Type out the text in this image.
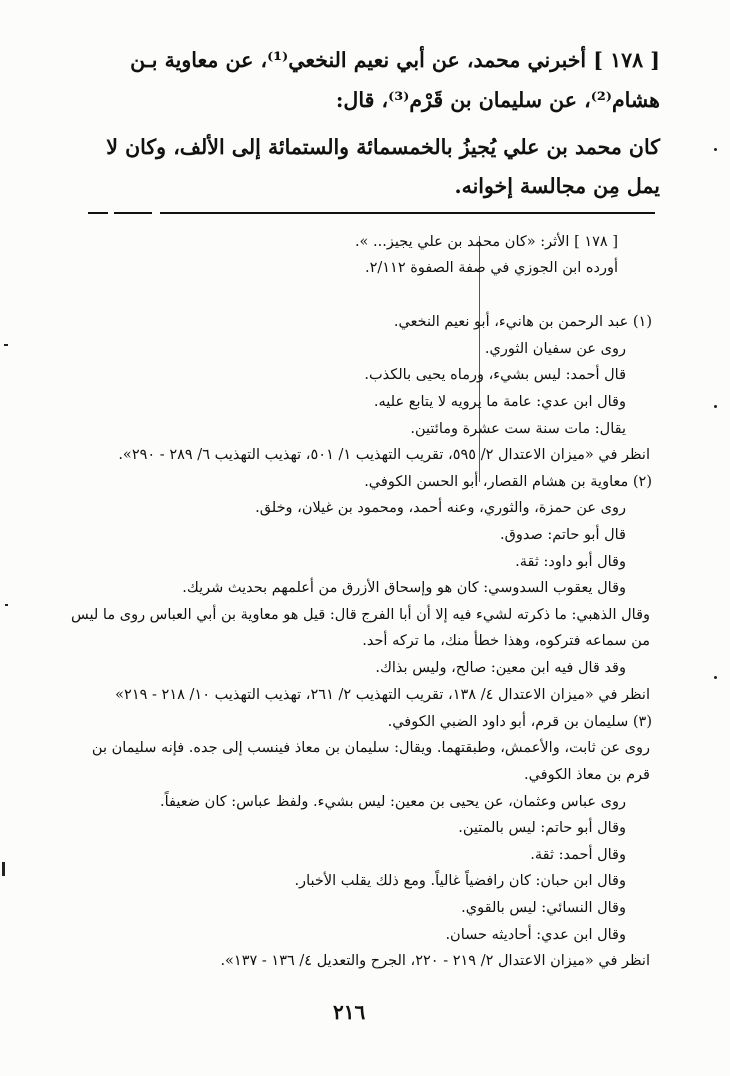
[ ١٧٨ ] أخبرني محمد، عن أبي نعيم النخعي⁽¹⁾، عن معاوية بـن
هشام⁽²⁾، عن سليمان بن قَرْم⁽³⁾، قال:
كان محمد بن علي يُجيزُ بالخمسمائة والستمائة إلى الألف، وكان لا
يمل مِن مجالسة إخوانه.
[ ١٧٨ ] الأثر: «كان محمد بن علي يجيز... ».
أورده ابن الجوزي في صفة الصفوة ٢/١١٢.
(١) عبد الرحمن بن هانيء، أبو نعيم النخعي.
روى عن سفيان الثوري.
قال أحمد: ليس بشيء، ورماه يحيى بالكذب.
وقال ابن عدي: عامة ما يرويه لا يتابع عليه.
يقال: مات سنة ست عشرة ومائتين.
انظر في «ميزان الاعتدال ٢/ ٥٩٥، تقريب التهذيب ١/ ٥٠١، تهذيب التهذيب ٦/ ٢٨٩ - ٢٩٠».
(٢) معاوية بن هشام القصار، أبو الحسن الكوفي.
روى عن حمزة، والثوري، وعنه أحمد، ومحمود بن غيلان، وخلق.
قال أبو حاتم: صدوق.
وقال أبو داود: ثقة.
وقال يعقوب السدوسي: كان هو وإسحاق الأزرق من أعلمهم بحديث شريك.
وقال الذهبي: ما ذكرته لشيء فيه إلا أن أبا الفرج قال: قيل هو معاوية بن أبي العباس روى ما ليس
من سماعه فتركوه، وهذا خطأ منك، ما تركه أحد.
وقد قال فيه ابن معين: صالح، وليس بذاك.
انظر في «ميزان الاعتدال ٤/ ١٣٨، تقريب التهذيب ٢/ ٢٦١، تهذيب التهذيب ١٠/ ٢١٨ - ٢١٩»
(٣) سليمان بن قرم، أبو داود الضبي الكوفي.
روى عن ثابت، والأعمش، وطبقتهما. ويقال: سليمان بن معاذ فينسب إلى جده. فإنه سليمان بن
قرم بن معاذ الكوفي.
روى عباس وعثمان، عن يحيى بن معين: ليس بشيء. ولفظ عباس: كان ضعيفاً.
وقال أبو حاتم: ليس بالمتين.
وقال أحمد: ثقة.
وقال ابن حبان: كان رافضياً غالياً. ومع ذلك يقلب الأخبار.
وقال النسائي: ليس بالقوي.
وقال ابن عدي: أحاديثه حسان.
انظر في «ميزان الاعتدال ٢/ ٢١٩ - ٢٢٠، الجرح والتعديل ٤/ ١٣٦ - ١٣٧».
٢١٦
